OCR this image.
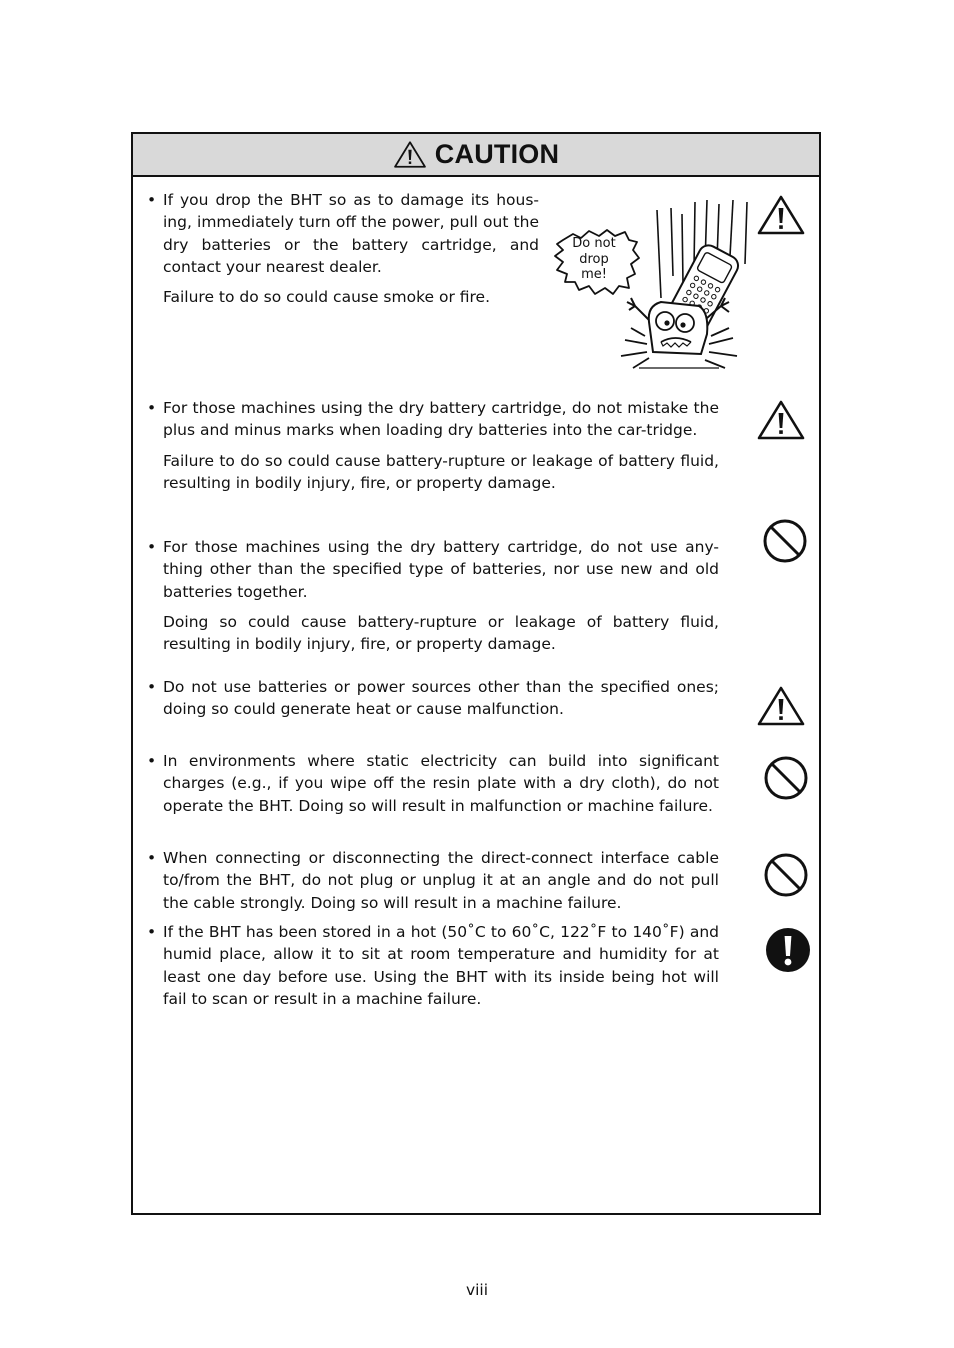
CAUTION
• If you drop the BHT so as to damage its hous-ing, immediately turn off the power, pull out the dry batteries or the battery cartridge, and contact your nearest dealer.

Failure to do so could cause smoke or fire.

Do not
drop
me!
• For those machines using the dry battery cartridge, do not mistake the plus and minus marks when loading dry batteries into the car-tridge.

Failure to do so could cause battery-rupture or leakage of battery fluid, resulting in bodily injury, fire, or property damage.

• For those machines using the dry battery cartridge, do not use any-thing other than the specified type of batteries, nor use new and old batteries together.

Doing so could cause battery-rupture or leakage of battery fluid, resulting in bodily injury, fire, or property damage.

• Do not use batteries or power sources other than the specified ones; doing so could generate heat or cause malfunction.

• In environments where static electricity can build into significant charges (e.g., if you wipe off the resin plate with a dry cloth), do not operate the BHT. Doing so will result in malfunction or machine failure.

• When connecting or disconnecting the direct-connect interface cable to/from the BHT, do not plug or unplug it at an angle and do not pull the cable strongly. Doing so will result in a machine failure.

• If the BHT has been stored in a hot (50˚C to 60˚C, 122˚F to 140˚F) and humid place, allow it to sit at room temperature and humidity for at least one day before use. Using the BHT with its inside being hot will fail to scan or result in a machine failure.

viii
